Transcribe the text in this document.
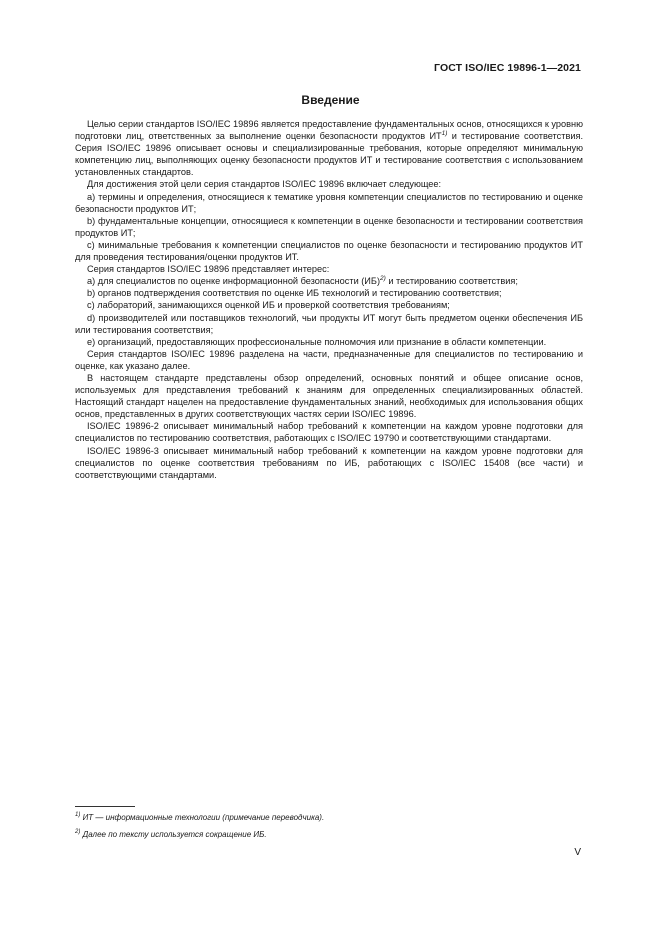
ГОСТ ISO/IEC 19896-1—2021
Введение

Целью серии стандартов ISO/IEC 19896 является предоставление фундаментальных основ, относящихся к уровню подготовки лиц, ответственных за выполнение оценки безопасности продуктов ИТ$^{1)}$ и тестирование соответствия. Серия ISO/IEC 19896 описывает основы и специализированные требования, которые определяют минимальную компетенцию лиц, выполняющих оценку безопасности продуктов ИТ и тестирование соответствия с использованием установленных стандартов.

Для достижения этой цели серия стандартов ISO/IEC 19896 включает следующее:

a) термины и определения, относящиеся к тематике уровня компетенции специалистов по тестированию и оценке безопасности продуктов ИТ;

b) фундаментальные концепции, относящиеся к компетенции в оценке безопасности и тестировании соответствия продуктов ИТ;

c) минимальные требования к компетенции специалистов по оценке безопасности и тестированию продуктов ИТ для проведения тестирования/оценки продуктов ИТ.

Серия стандартов ISO/IEC 19896 представляет интерес:

a) для специалистов по оценке информационной безопасности (ИБ)$^{2)}$ и тестированию соответствия;

b) органов подтверждения соответствия по оценке ИБ технологий и тестированию соответствия;

c) лабораторий, занимающихся оценкой ИБ и проверкой соответствия требованиям;

d) производителей или поставщиков технологий, чьи продукты ИТ могут быть предметом оценки обеспечения ИБ или тестирования соответствия;

e) организаций, предоставляющих профессиональные полномочия или признание в области компетенции.

Серия стандартов ISO/IEC 19896 разделена на части, предназначенные для специалистов по тестированию и оценке, как указано далее.

В настоящем стандарте представлены обзор определений, основных понятий и общее описание основ, используемых для представления требований к знаниям для определенных специализированных областей. Настоящий стандарт нацелен на предоставление фундаментальных знаний, необходимых для использования общих основ, представленных в других соответствующих частях серии ISO/IEC 19896.

ISO/IEC 19896-2 описывает минимальный набор требований к компетенции на каждом уровне подготовки для специалистов по тестированию соответствия, работающих с ISO/IEC 19790 и соответствующими стандартами.

ISO/IEC 19896-3 описывает минимальный набор требований к компетенции на каждом уровне подготовки для специалистов по оценке соответствия требованиям по ИБ, работающих с ISO/IEC 15408 (все части) и соответствующими стандартами.

$^{1)}$ ИТ — информационные технологии (примечание переводчика).

$^{2)}$ Далее по тексту используется сокращение ИБ.

V
